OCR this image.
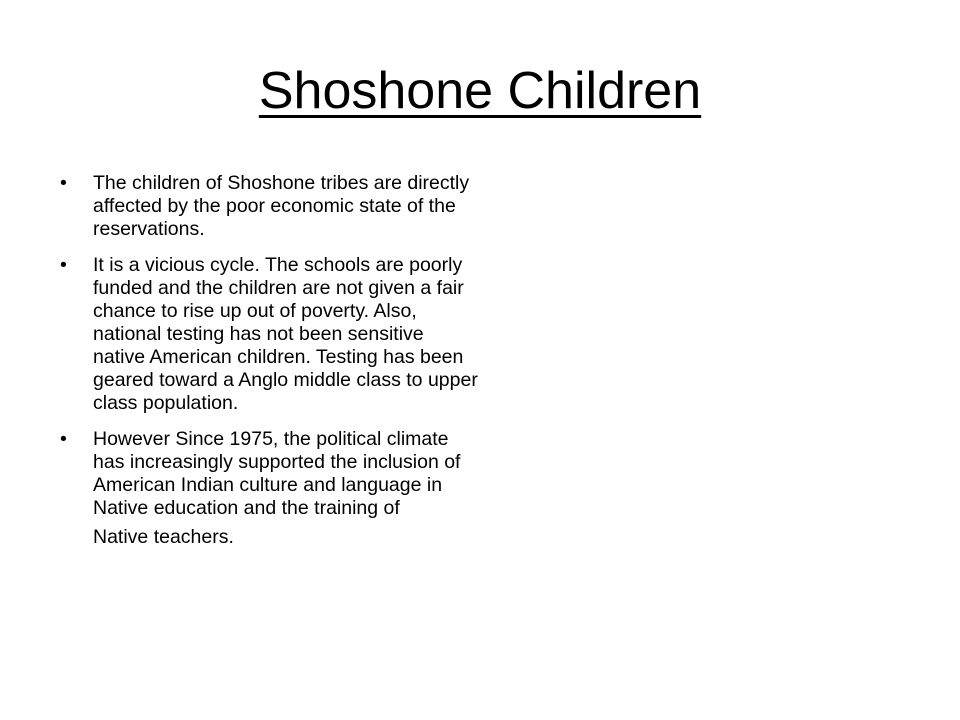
Shoshone Children
•	The children of Shoshone tribes are directly affected by the poor economic state of the reservations.
•	It is a vicious cycle. The schools are poorly funded and the children are not given a fair chance to rise up out of poverty. Also, national testing has not been sensitive native American children. Testing has been geared toward a Anglo middle class to upper class population.
•	However Since 1975, the political climate has increasingly supported the inclusion of American Indian culture and language in Native education and the training of
Native teachers.
